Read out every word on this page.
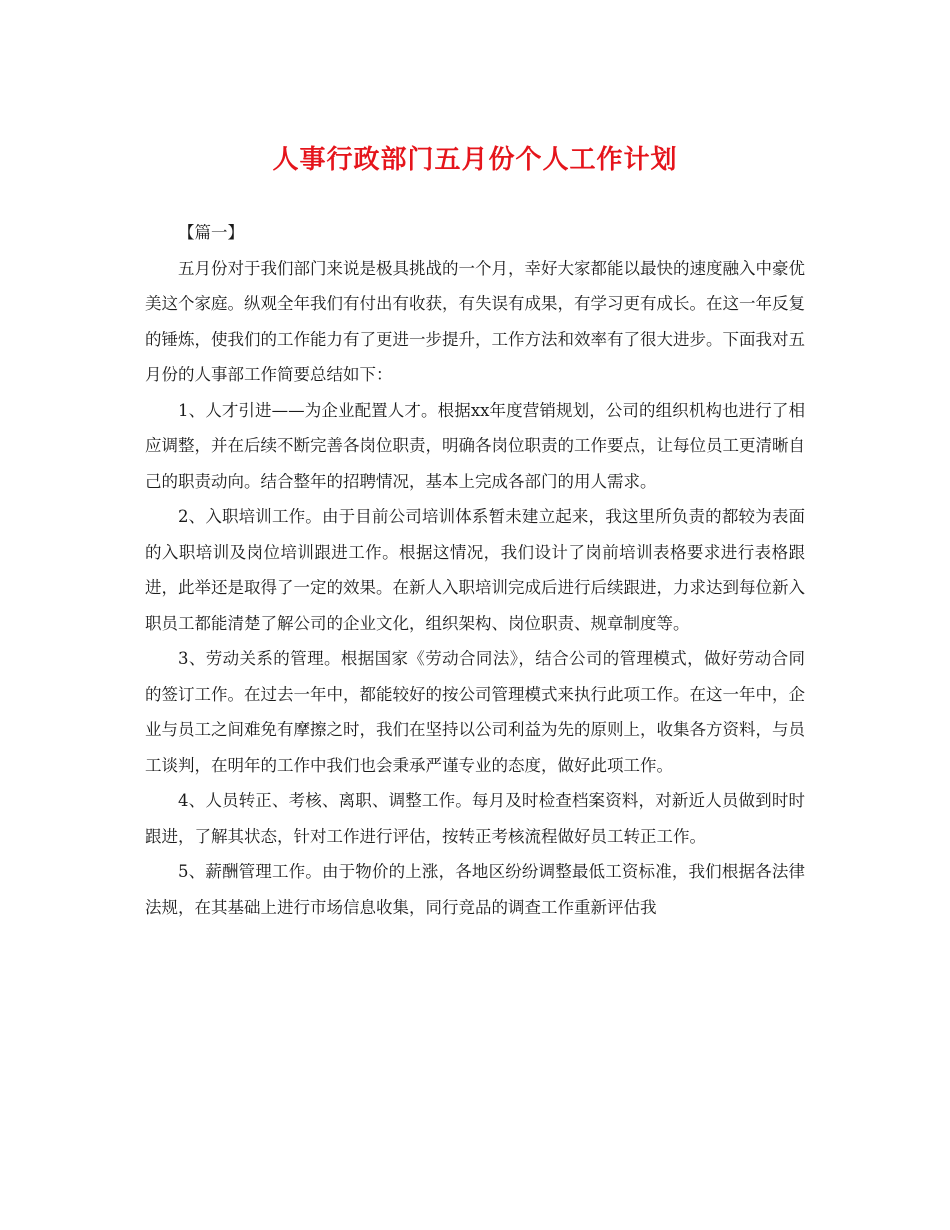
人事行政部门五月份个人工作计划

【篇一】

五月份对于我们部门来说是极具挑战的一个月，幸好大家都能以最快的速度融入中豪优美这个家庭。纵观全年我们有付出有收获，有失误有成果，有学习更有成长。在这一年反复的锤炼，使我们的工作能力有了更进一步提升，工作方法和效率有了很大进步。下面我对五月份的人事部工作简要总结如下：

1、人才引进——为企业配置人才。根据xx年度营销规划，公司的组织机构也进行了相应调整，并在后续不断完善各岗位职责，明确各岗位职责的工作要点，让每位员工更清晰自己的职责动向。结合整年的招聘情况，基本上完成各部门的用人需求。

2、入职培训工作。由于目前公司培训体系暂未建立起来，我这里所负责的都较为表面的入职培训及岗位培训跟进工作。根据这情况，我们设计了岗前培训表格要求进行表格跟进，此举还是取得了一定的效果。在新人入职培训完成后进行后续跟进，力求达到每位新入职员工都能清楚了解公司的企业文化，组织架构、岗位职责、规章制度等。

3、劳动关系的管理。根据国家《劳动合同法》，结合公司的管理模式，做好劳动合同的签订工作。在过去一年中，都能较好的按公司管理模式来执行此项工作。在这一年中，企业与员工之间难免有摩擦之时，我们在坚持以公司利益为先的原则上，收集各方资料，与员工谈判，在明年的工作中我们也会秉承严谨专业的态度，做好此项工作。

4、人员转正、考核、离职、调整工作。每月及时检查档案资料，对新近人员做到时时跟进，了解其状态，针对工作进行评估，按转正考核流程做好员工转正工作。

5、薪酬管理工作。由于物价的上涨，各地区纷纷调整最低工资标准，我们根据各法律法规，在其基础上进行市场信息收集，同行竞品的调查工作重新评估我
